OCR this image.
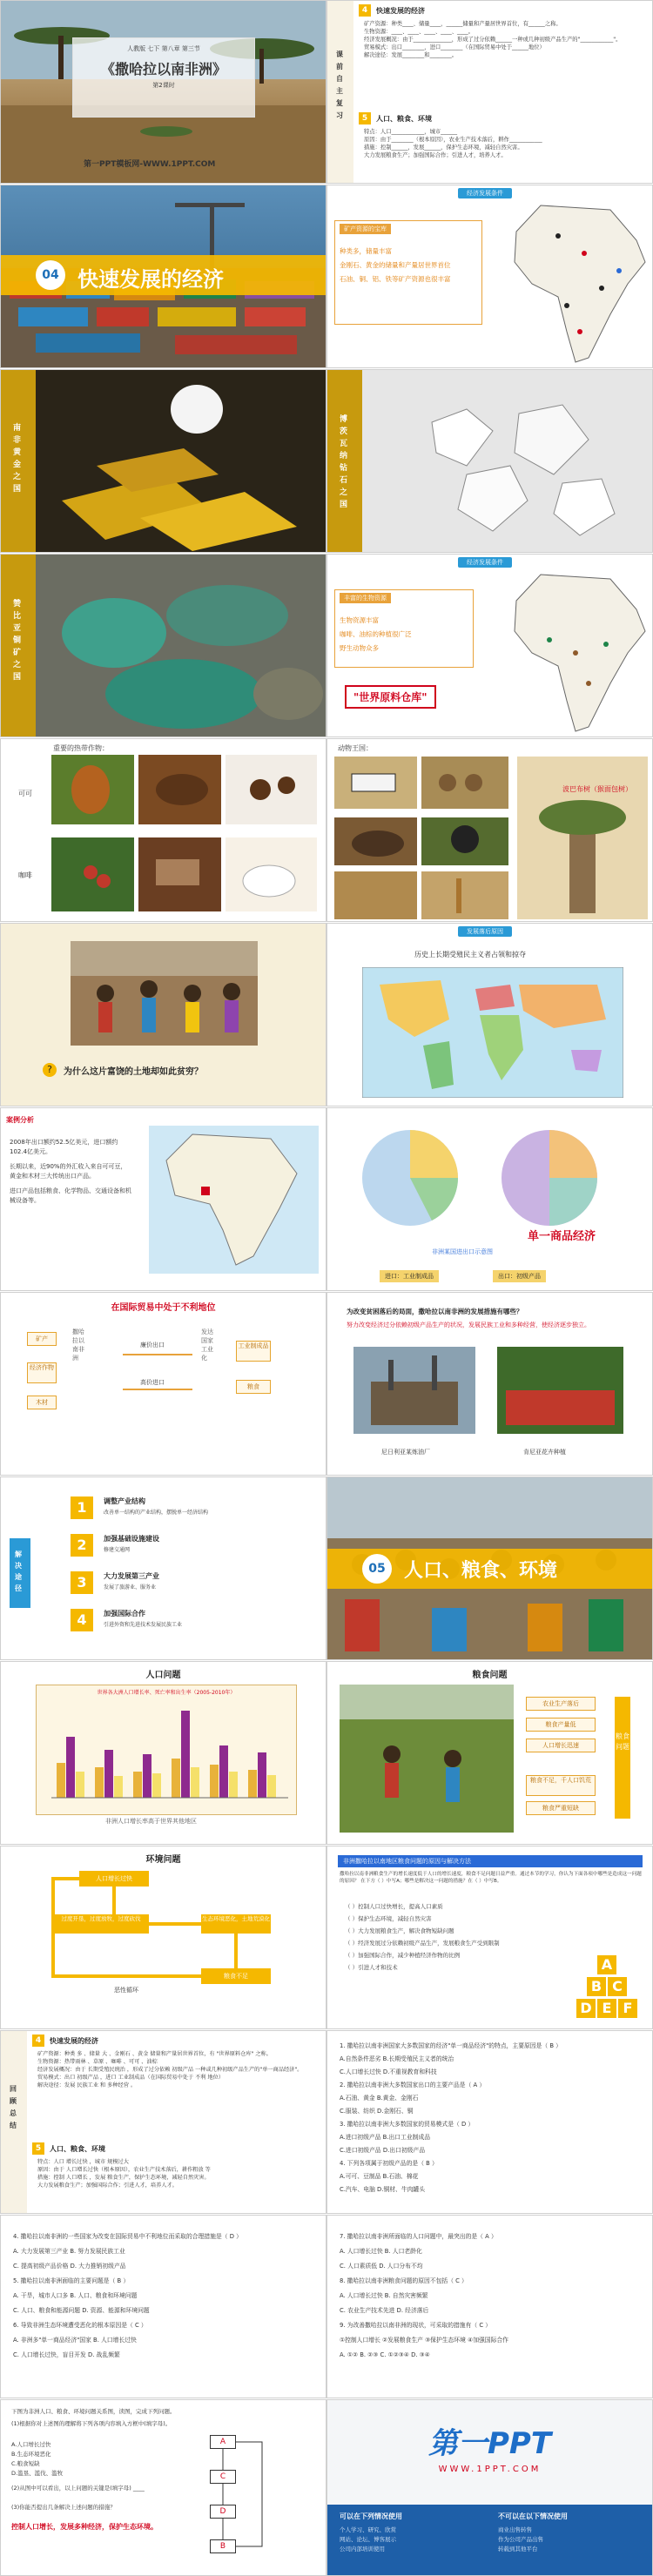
人教版 七下 第八章 第三节
《撒哈拉以南非洲》
第2课时
第一PPT模板网-WWW.1PPT.COM
课前自主复习
4	快速发展的经济
矿产资源：种类____、储量____，______储量和产量居世界首位，有______之称。
生物资源：____、____、____、____、____。
经济发展概况：由于______________，形成了过分依赖______一种或几种初级产品生产的"____________"。
贸易模式：出口________，进口________（在国际贸易中处于______地位）
解决途径：发展________和________。
5	人口、粮食、环境
特点：人口____________，城市______
原因：由于________（根本原因），农业生产技术落后，耕作____________
措施：控制______，发展______，保护生态环境，减轻自然灾害。
大力发展粮食生产；加强国际合作；引进人才，培养人才。
04 快速发展的经济
经济发展条件
矿产资源的宝库
种类多，储量丰富
金刚石、黄金的储量和产量居世界首位
石油、铜、铝、铁等矿产资源也很丰富
南非黄金之国
博茨瓦纳钻石之国
赞比亚铜矿之国
经济发展条件
丰富的生物资源
生物资源丰富
咖啡、油棕的种植很广泛
野生动物众多
"世界原料仓库"
重要的热带作物：
可可
咖啡
动物王国：
波巴布树（猴面包树）
?	为什么这片富饶的土地却如此贫穷？
发展落后原因
历史上长期受殖民主义者占领和掠夺
案例分析
2008年出口额约52.5亿美元，进口额约102.4亿美元。
长期以来，近90%的外汇收入来自可可豆，黄金和木材三大传统出口产品。
进口产品包括粮食、化学物品、交通设备和机械设备等。
非洲某国进出口示意图
单一商品经济
进口：工业制成品	出口：初级产品
在国际贸易中处于不利地位
矿产
经济作物
木材
撒哈拉以南非洲
廉价出口
高价进口
发达国家工业化
工业制成品
粮食
为改变贫困落后的局面，撒哈拉以南非洲的发展措施有哪些？
努力改变经济过分依赖初级产品生产的状况，发展民族工业和多种经营，使经济逐步独立。
尼日利亚某炼油厂	肯尼亚花卉种植
解决途径
1	调整产业结构
改善单一结构的产业结构，摆脱单一经济结构
2	加强基础设施建设
修建交通网
3	大力发展第三产业
发展了旅游业、服务业
4	加强国际合作
引进外资和先进技术发展民族工业
05 人口、粮食、环境
人口问题
世界各大洲人口增长率、死亡率和出生率（2005-2010年）
非洲人口增长率高于世界其他地区
粮食问题
农业生产落后
粮食产量低
人口增长迅速
粮食不足，千人口饥荒
粮食严重短缺
粮食问题
环境问题
人口增长过快
过度开垦，过度放牧，过度砍伐	生态环境恶化，土地荒漠化
粮食不足
恶性循环
非洲撒哈拉以南地区粮食问题的原因与解决方法
撒哈拉以南非洲粮食生产的增长速度低于人口的增长速度，粮食不足问题日益严重。通过本节的学习，你认为下面各项中哪些是造成这一问题的原因？ 在下方（ ）中写A；哪些是解决这一问题的措施？在（ ）中写B。
（ ）控制人口过快增长，提高人口素质
（ ）保护生态环境，减轻自然灾害
（ ）大力发展粮食生产，解决食物短缺问题
（ ）经济发展过分依赖初级产品生产，发展粮食生产受到限制
（ ）加强国际合作，减少种植经济作物的比例
（ ）引进人才和技术	A
B C
D E F
回顾总结
4	快速发展的经济
矿产资源：种类 多 、储量 大 、金刚石 、黄金 储量和产量居世界首位，有 "世界原料仓库" 之称。
生物资源：热带雨林 、草原 、咖啡 、可可 、油棕
经济发展概况：由于 长期受殖民统治 ，形成了过分依赖 初级产品 一种或几种初级产品生产的"单一商品经济"。
贸易模式：出口 初级产品 ，进口 工业制成品（在国际贸易中处于 不利 地位）
解决途径：发展 民族工业 和 多种经营 。
5	人口、粮食、环境
特点：人口 增长过快 ，城市 规模过大
原因：由于 人口增长过快（根本原因），农业生产技术落后，耕作粗放 等
措施：控制 人口增长 ，发展 粮食生产，保护生态环境，减轻自然灾害。
大力发展粮食生产；加强国际合作；引进人才，培养人才。
1. 撒哈拉以南非洲国家大多数国家的经济"单一商品经济"的特点，主要原因是（ B ）
A.自然条件恶劣 B.长期受殖民主义者的统治
C.人口增长过快 D.不重视教育和科技
2. 撒哈拉以南非洲大多数国家出口的主要产品是（ A ）
A.石油、黄金 B.黄金、金刚石
C.服装、纺织 D.金刚石、铜
3. 撒哈拉以南非洲大多数国家的贸易模式是（ D ）
A.进口初级产品 B.出口工业制成品
C.进口初级产品 D.出口初级产品
4. 下列各项属于初级产品的是（ B ）
A.可可、豆制品 B.石油、棉花
C.汽车、电脑 D.铜材、牛肉罐头
4. 撒哈拉以南非洲的一些国家为改变在国际贸易中不利地位而采取的合理措施是（ D ）
A. 大力发展第三产业 B. 努力发展民族工业
C. 提高初级产品价格 D. 大力推销初级产品
5. 撒哈拉以南非洲面临的主要问题是（ B ）
A. 干旱，城市人口多 B. 人口、粮食和环境问题
C. 人口、粮食和能源问题 D. 资源、能源和环境问题
6. 导致非洲生态环境遭受恶化的根本原因是（ C ）
A. 非洲多"单一商品经济"国家 B. 人口增长过快
C. 人口增长过快，盲目开发 D. 战乱频繁
7. 撒哈拉以南非洲所面临的人口问题中，最突出的是（ A ）
A. 人口增长过快 B. 人口老龄化
C. 人口素质低 D. 人口分布不均
8. 撒哈拉以南非洲粮食问题的原因不包括（ C ）
A. 人口增长过快 B. 自然灾害频繁
C. 农业生产技术先进 D. 经济落后
9. 为改善撒哈拉以南非洲的现状，可采取的措施有（ C ）
①控制人口增长 ②发展粮食生产 ③保护生态环境 ④加强国际合作
A. ①② B. ②③ C. ①②③④ D. ③④
下图为非洲人口、粮食、环境问题关系图，读图，完成下列问题。
(1)根据你对上述图的理解将下列各项内容填入方框中(填字母)。
A.人口增长过快
B.生态环境恶化
C.粮食短缺
D.滥垦、滥伐、滥牧
(2)从图中可以看出，以上问题的关键是(填字母) ____
(3)你能否提出几条解决上述问题的措施？
控制人口增长，发展多种经济，保护生态环境。
A
C
D
B
第一PPT
WWW.1PPT.COM
可以在下列情况使用
个人学习、研究、欣赏
网站、论坛、博客展示
公司内部培训使用
不可以在以下情况使用
商业出售转售
作为公司产品出售
转载到其他平台
